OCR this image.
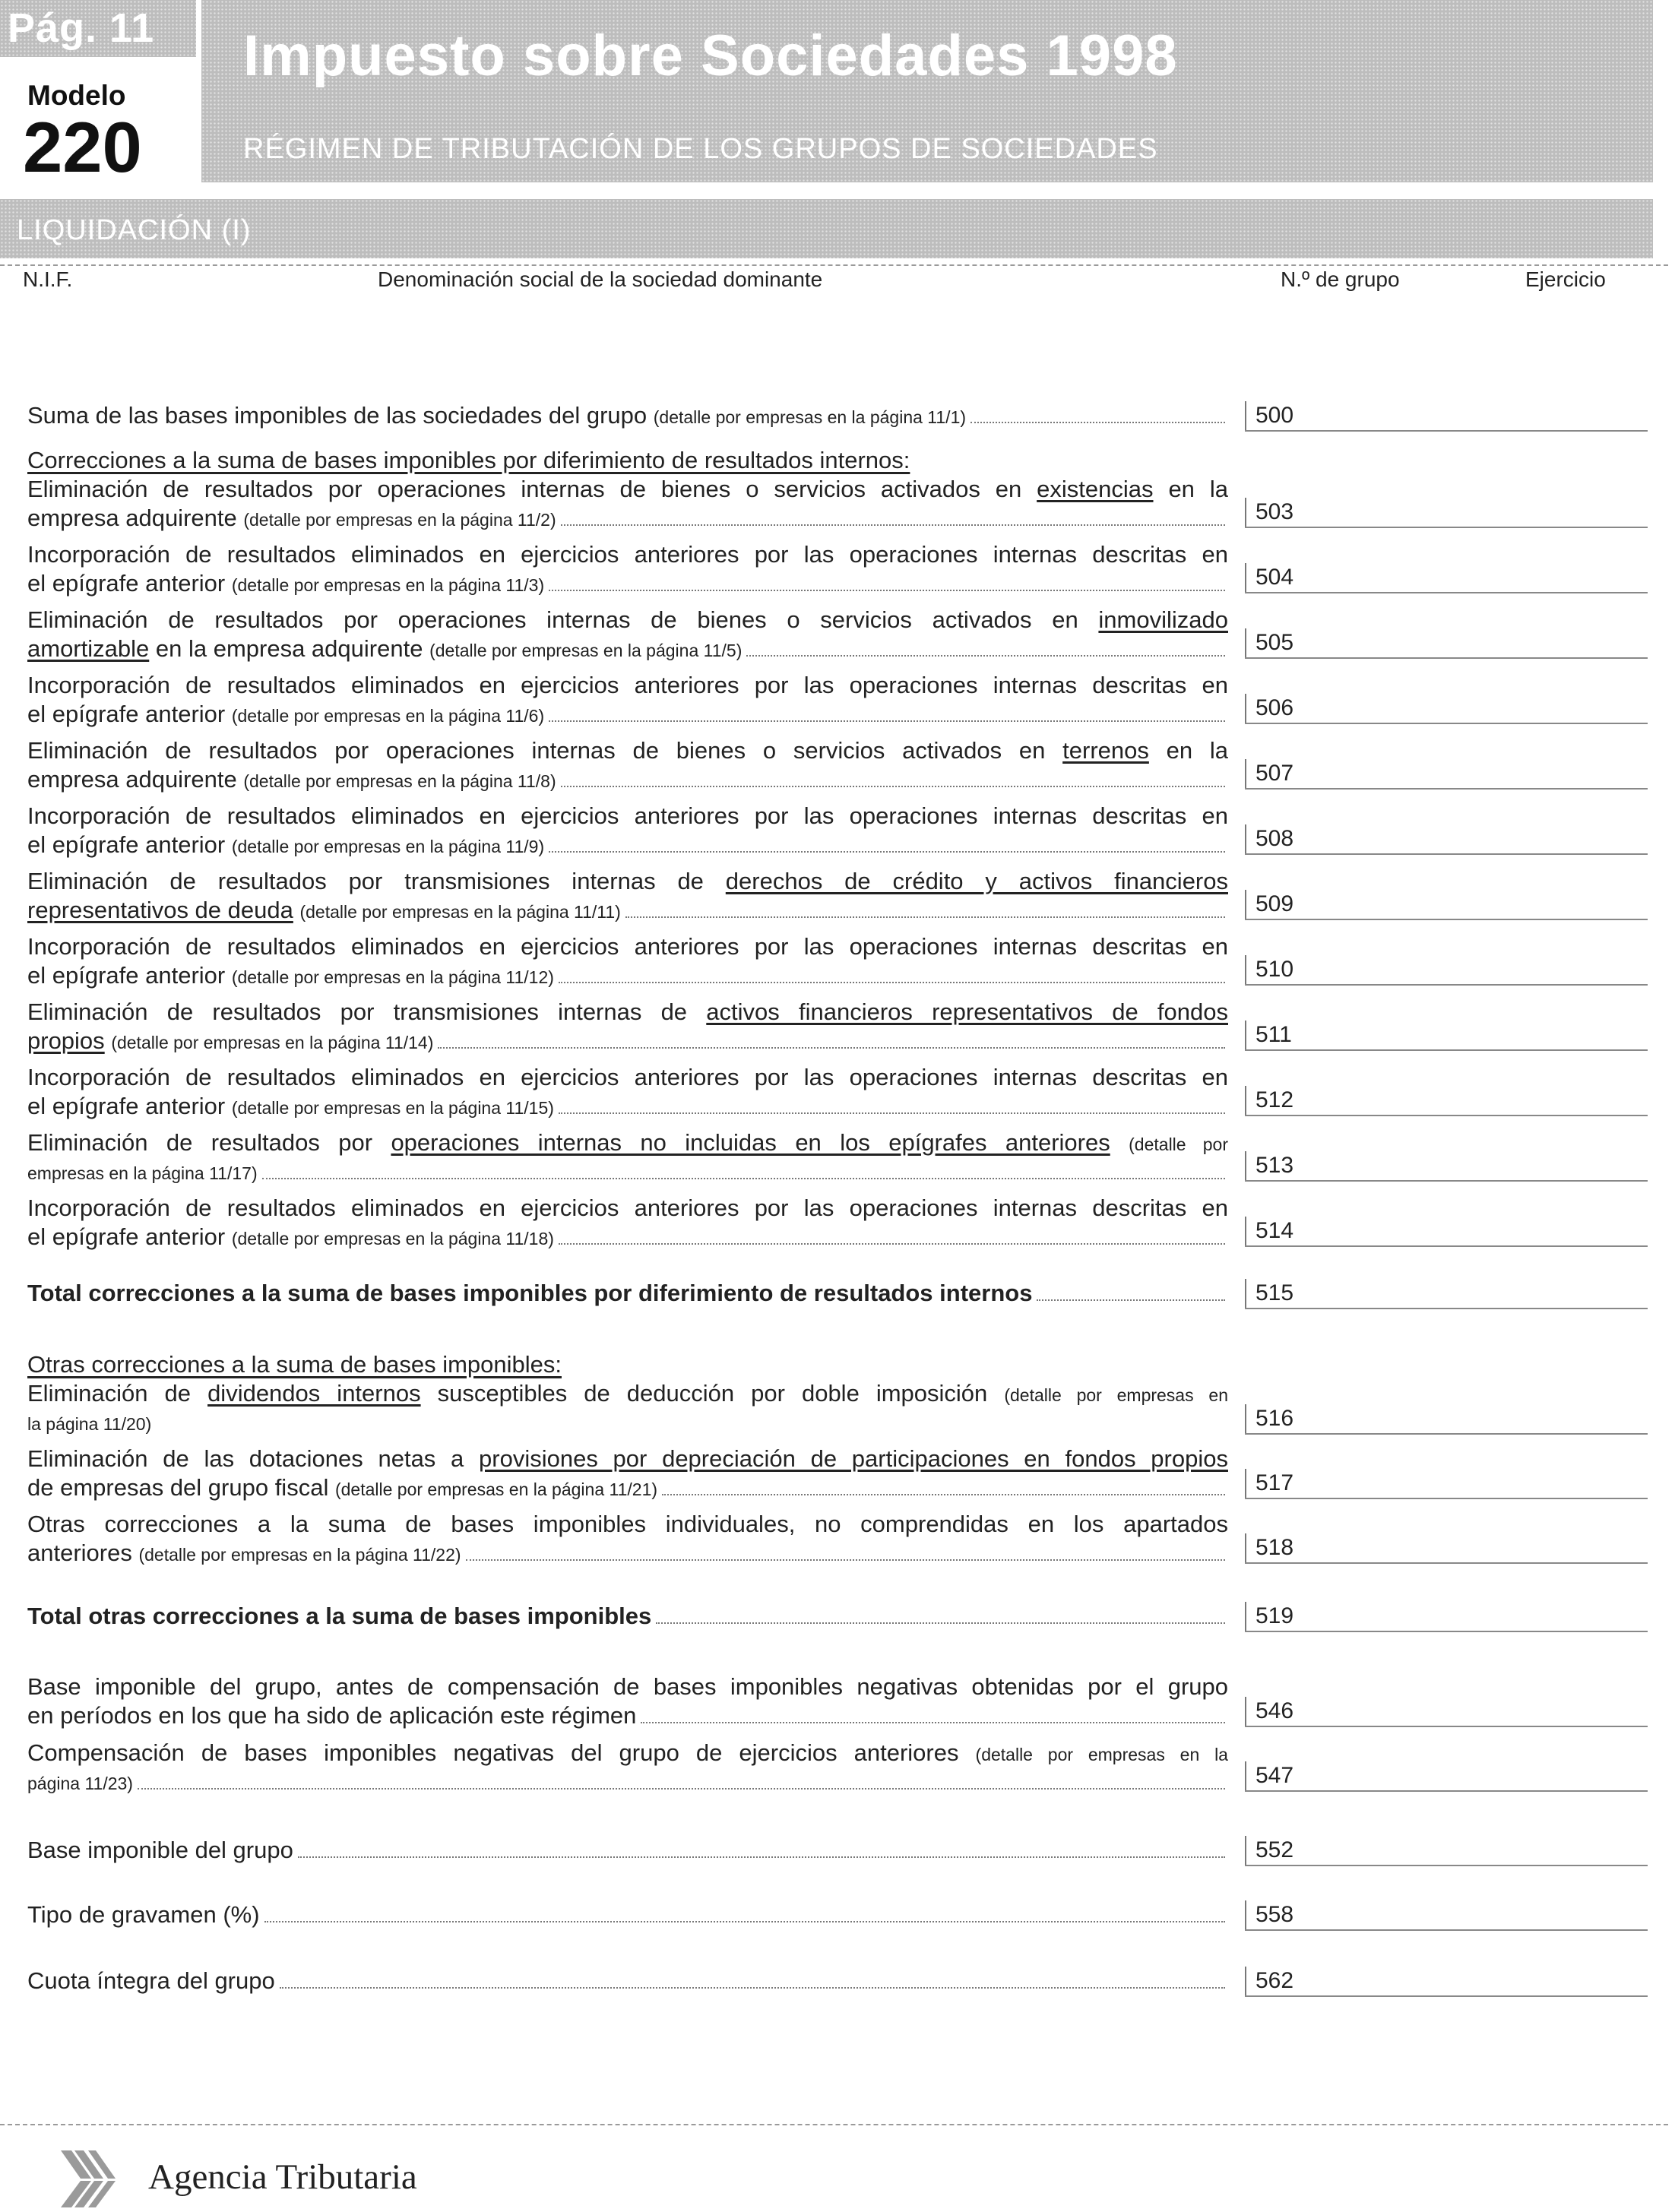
Pág. 11
Modelo
220
Impuesto sobre Sociedades 1998
RÉGIMEN DE TRIBUTACIÓN DE LOS GRUPOS DE SOCIEDADES
LIQUIDACIÓN (I)
N.I.F.	Denominación social de la sociedad dominante	N.º de grupo	Ejercicio
Suma de las bases imponibles de las sociedades del grupo
(detalle por empresas en la página 11/1)	500
Correcciones a la suma de bases imponibles por diferimiento de resultados internos:
Eliminación de resultados por operaciones internas de bienes o servicios activados en existencias en la
empresa adquirente
(detalle por empresas en la página 11/2)	503
Incorporación de resultados eliminados en ejercicios anteriores por las operaciones internas descritas en
el epígrafe anterior
(detalle por empresas en la página 11/3)	504
Eliminación de resultados por operaciones internas de bienes o servicios activados en inmovilizado
amortizable
en la empresa adquirente
(detalle por empresas en la página 11/5)	505
Incorporación de resultados eliminados en ejercicios anteriores por las operaciones internas descritas en
el epígrafe anterior
(detalle por empresas en la página 11/6)	506
Eliminación de resultados por operaciones internas de bienes o servicios activados en terrenos en la
empresa adquirente
(detalle por empresas en la página 11/8)	507
Incorporación de resultados eliminados en ejercicios anteriores por las operaciones internas descritas en
el epígrafe anterior
(detalle por empresas en la página 11/9)	508
Eliminación de resultados por transmisiones internas de derechos de crédito y activos financieros
representativos de deuda
(detalle por empresas en la página 11/11)	509
Incorporación de resultados eliminados en ejercicios anteriores por las operaciones internas descritas en
el epígrafe anterior
(detalle por empresas en la página 11/12)	510
Eliminación de resultados por transmisiones internas de activos financieros representativos de fondos
propios
(detalle por empresas en la página 11/14)	511
Incorporación de resultados eliminados en ejercicios anteriores por las operaciones internas descritas en
el epígrafe anterior
(detalle por empresas en la página 11/15)	512
Eliminación de resultados por operaciones internas no incluidas en los epígrafes anteriores (detalle por
empresas en la página 11/17)	513
Incorporación de resultados eliminados en ejercicios anteriores por las operaciones internas descritas en
el epígrafe anterior
(detalle por empresas en la página 11/18)	514
Total correcciones a la suma de bases imponibles por diferimiento de resultados internos	515
Otras correcciones a la suma de bases imponibles:
Eliminación de dividendos internos susceptibles de deducción por doble imposición (detalle por empresas en
la página 11/20)	516
Eliminación de las dotaciones netas a provisiones por depreciación de participaciones en fondos propios
de empresas del grupo fiscal
(detalle por empresas en la página 11/21)	517
Otras correcciones a la suma de bases imponibles individuales, no comprendidas en los apartados
anteriores
(detalle por empresas en la página 11/22)	518
Total otras correcciones a la suma de bases imponibles	519
Base imponible del grupo, antes de compensación de bases imponibles negativas obtenidas por el grupo
en períodos en los que ha sido de aplicación este régimen	546
Compensación de bases imponibles negativas del grupo de ejercicios anteriores (detalle por empresas en la
página 11/23)	547
Base imponible del grupo	552
Tipo de gravamen (%)	558
Cuota íntegra del grupo	562
Agencia Tributaria
